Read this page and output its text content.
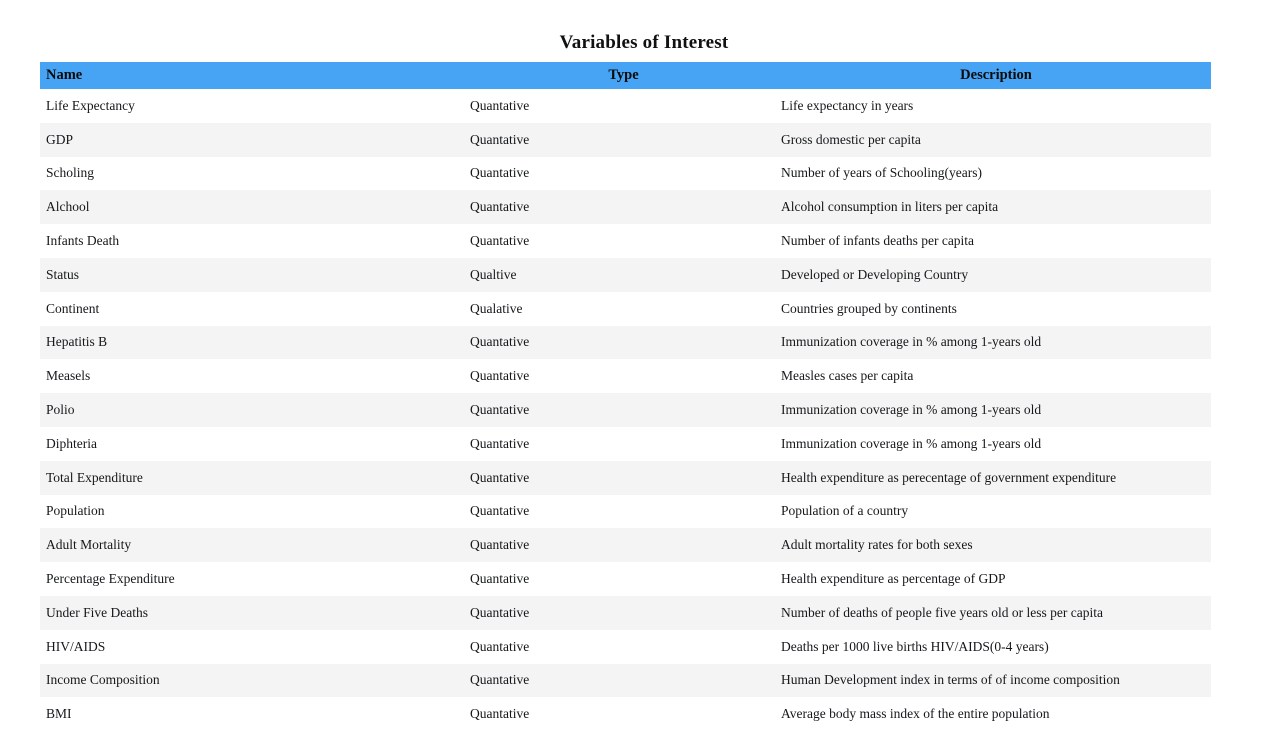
Variables of Interest
Name	Type	Description
Life Expectancy	Quantative	Life expectancy in years
GDP	Quantative	Gross domestic per capita
Scholing	Quantative	Number of years of Schooling(years)
Alchool	Quantative	Alcohol consumption in liters per capita
Infants Death	Quantative	Number of infants deaths per capita
Status	Qualtive	Developed or Developing Country
Continent	Qualative	Countries grouped by continents
Hepatitis B	Quantative	Immunization coverage in % among 1-years old
Measels	Quantative	Measles cases per capita
Polio	Quantative	Immunization coverage in % among 1-years old
Diphteria	Quantative	Immunization coverage in % among 1-years old
Total Expenditure	Quantative	Health expenditure as perecentage of government expenditure
Population	Quantative	Population of a country
Adult Mortality	Quantative	Adult mortality rates for both sexes
Percentage Expenditure	Quantative	Health expenditure as percentage of GDP
Under Five Deaths	Quantative	Number of deaths of people five years old or less per capita
HIV/AIDS	Quantative	Deaths per 1000 live births HIV/AIDS(0-4 years)
Income Composition	Quantative	Human Development index in terms of of income composition
BMI	Quantative	Average body mass index of the entire population
